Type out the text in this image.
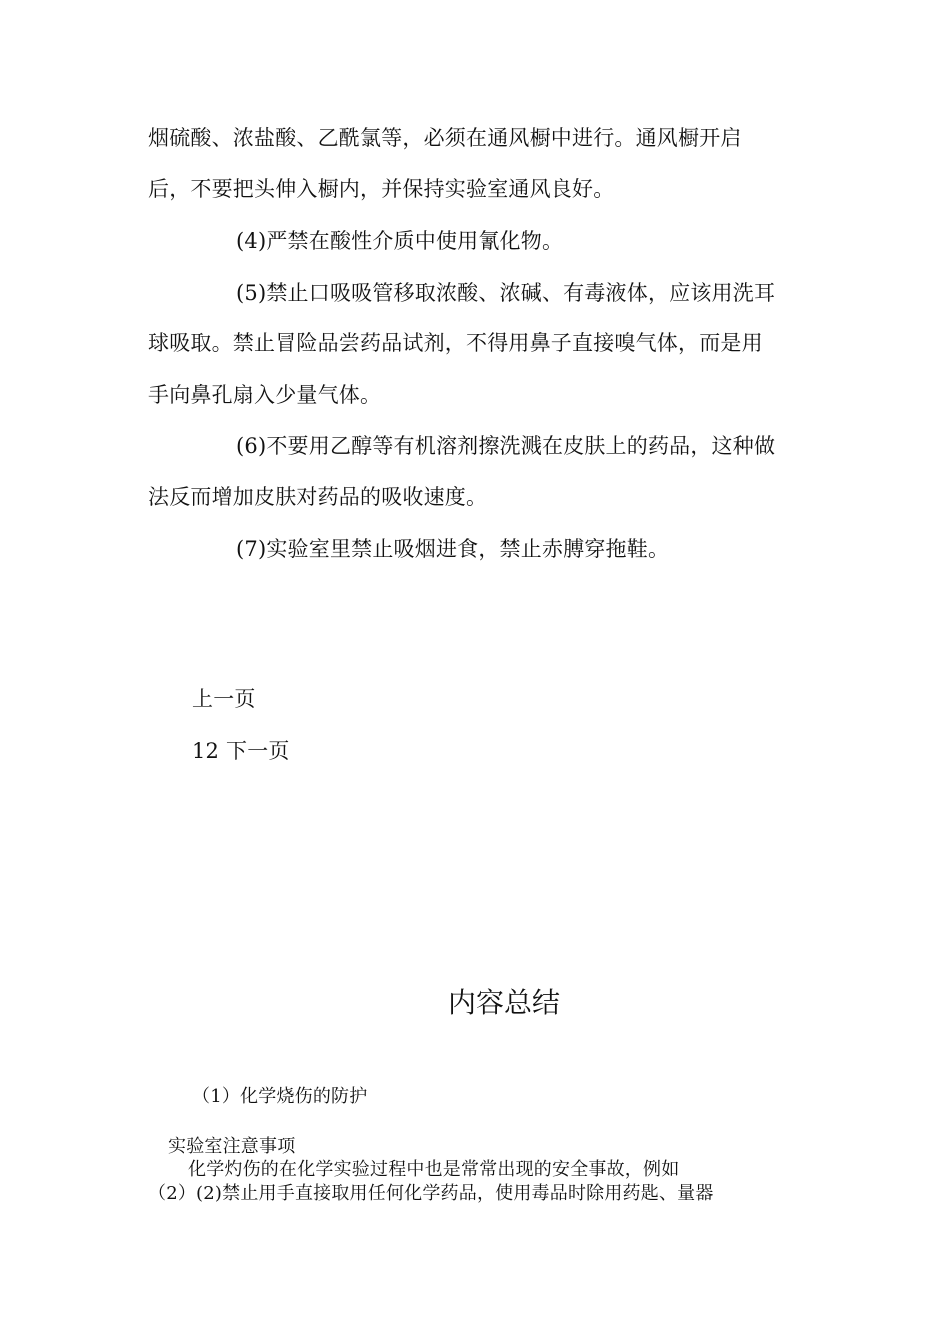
烟硫酸、浓盐酸、乙酰氯等，必须在通风橱中进行。通风橱开启
后，不要把头伸入橱内，并保持实验室通风良好。
(4)严禁在酸性介质中使用氰化物。
(5)禁止口吸吸管移取浓酸、浓碱、有毒液体，应该用洗耳
球吸取。禁止冒险品尝药品试剂，不得用鼻子直接嗅气体，而是用
手向鼻孔扇入少量气体。
(6)不要用乙醇等有机溶剂擦洗溅在皮肤上的药品，这种做
法反而增加皮肤对药品的吸收速度。
(7)实验室里禁止吸烟进食，禁止赤膊穿拖鞋。
上一页
12 下一页
内容总结
（1）化学烧伤的防护
实验室注意事项
化学灼伤的在化学实验过程中也是常常出现的安全事故，例如
（2）(2)禁止用手直接取用任何化学药品，使用毒品时除用药匙、量器
